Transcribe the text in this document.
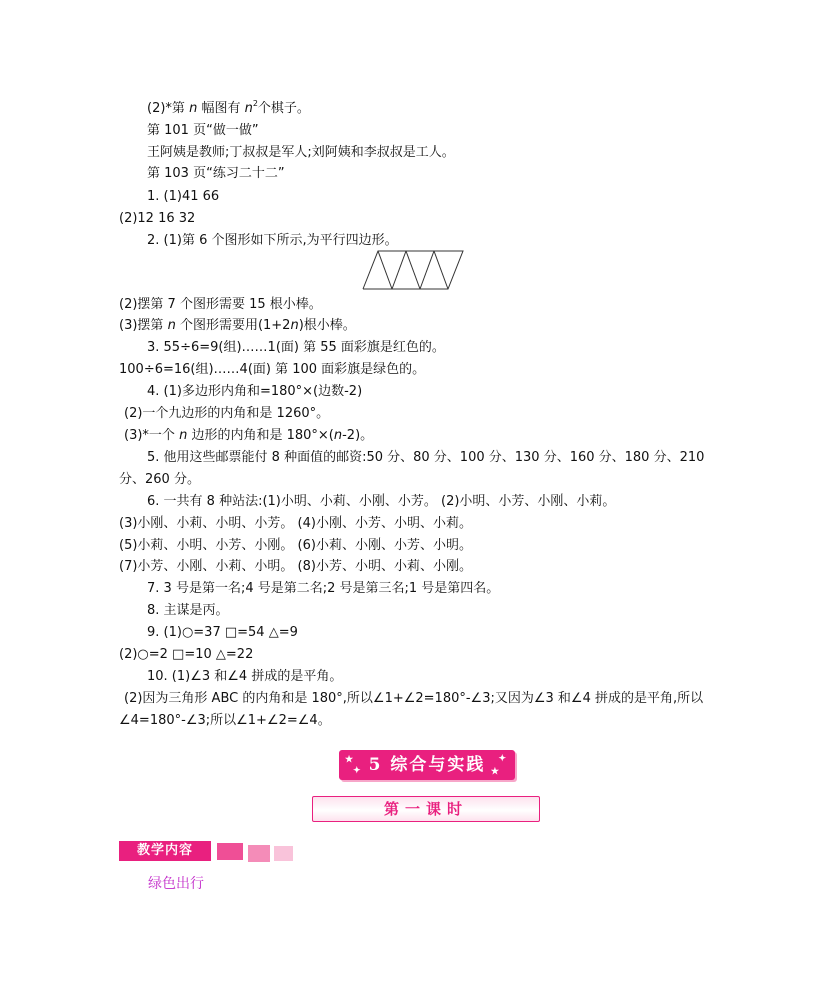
(2)*第 n 幅图有 $n^2$个棋子。
第 101 页“做一做”
王阿姨是教师;丁叔叔是军人;刘阿姨和李叔叔是工人。
第 103 页“练习二十二”
1. (1)41 66
(2)12 16 32
2. (1)第 6 个图形如下所示,为平行四边形。
(2)摆第 7 个图形需要 15 根小棒。
(3)摆第 n 个图形需要用(1+2n)根小棒。
3. 55÷6=9(组)……1(面) 第 55 面彩旗是红色的。
100÷6=16(组)……4(面) 第 100 面彩旗是绿色的。
4. (1)多边形内角和=180°×(边数-2)
(2)一个九边形的内角和是 1260°。
(3)*一个 n 边形的内角和是 180°×(n-2)。
5. 他用这些邮票能付 8 种面值的邮资:50 分、80 分、100 分、130 分、160 分、180 分、210
分、260 分。
6. 一共有 8 种站法:(1)小明、小莉、小刚、小芳。 (2)小明、小芳、小刚、小莉。
(3)小刚、小莉、小明、小芳。 (4)小刚、小芳、小明、小莉。
(5)小莉、小明、小芳、小刚。 (6)小莉、小刚、小芳、小明。
(7)小芳、小刚、小莉、小明。 (8)小芳、小明、小莉、小刚。
7. 3 号是第一名;4 号是第二名;2 号是第三名;1 号是第四名。
8. 主谋是丙。
9. (1)○=37 □=54 △=9
(2)○=2 □=10 △=22
10. (1)∠3 和∠4 拼成的是平角。
(2)因为三角形 ABC 的内角和是 180°,所以∠1+∠2=180°-∠3;又因为∠3 和∠4 拼成的是平角,所以
∠4=180°-∠3;所以∠1+∠2=∠4。
★
✦
✦
★
5 综合与实践
第一课时
教学内容
绿色出行
